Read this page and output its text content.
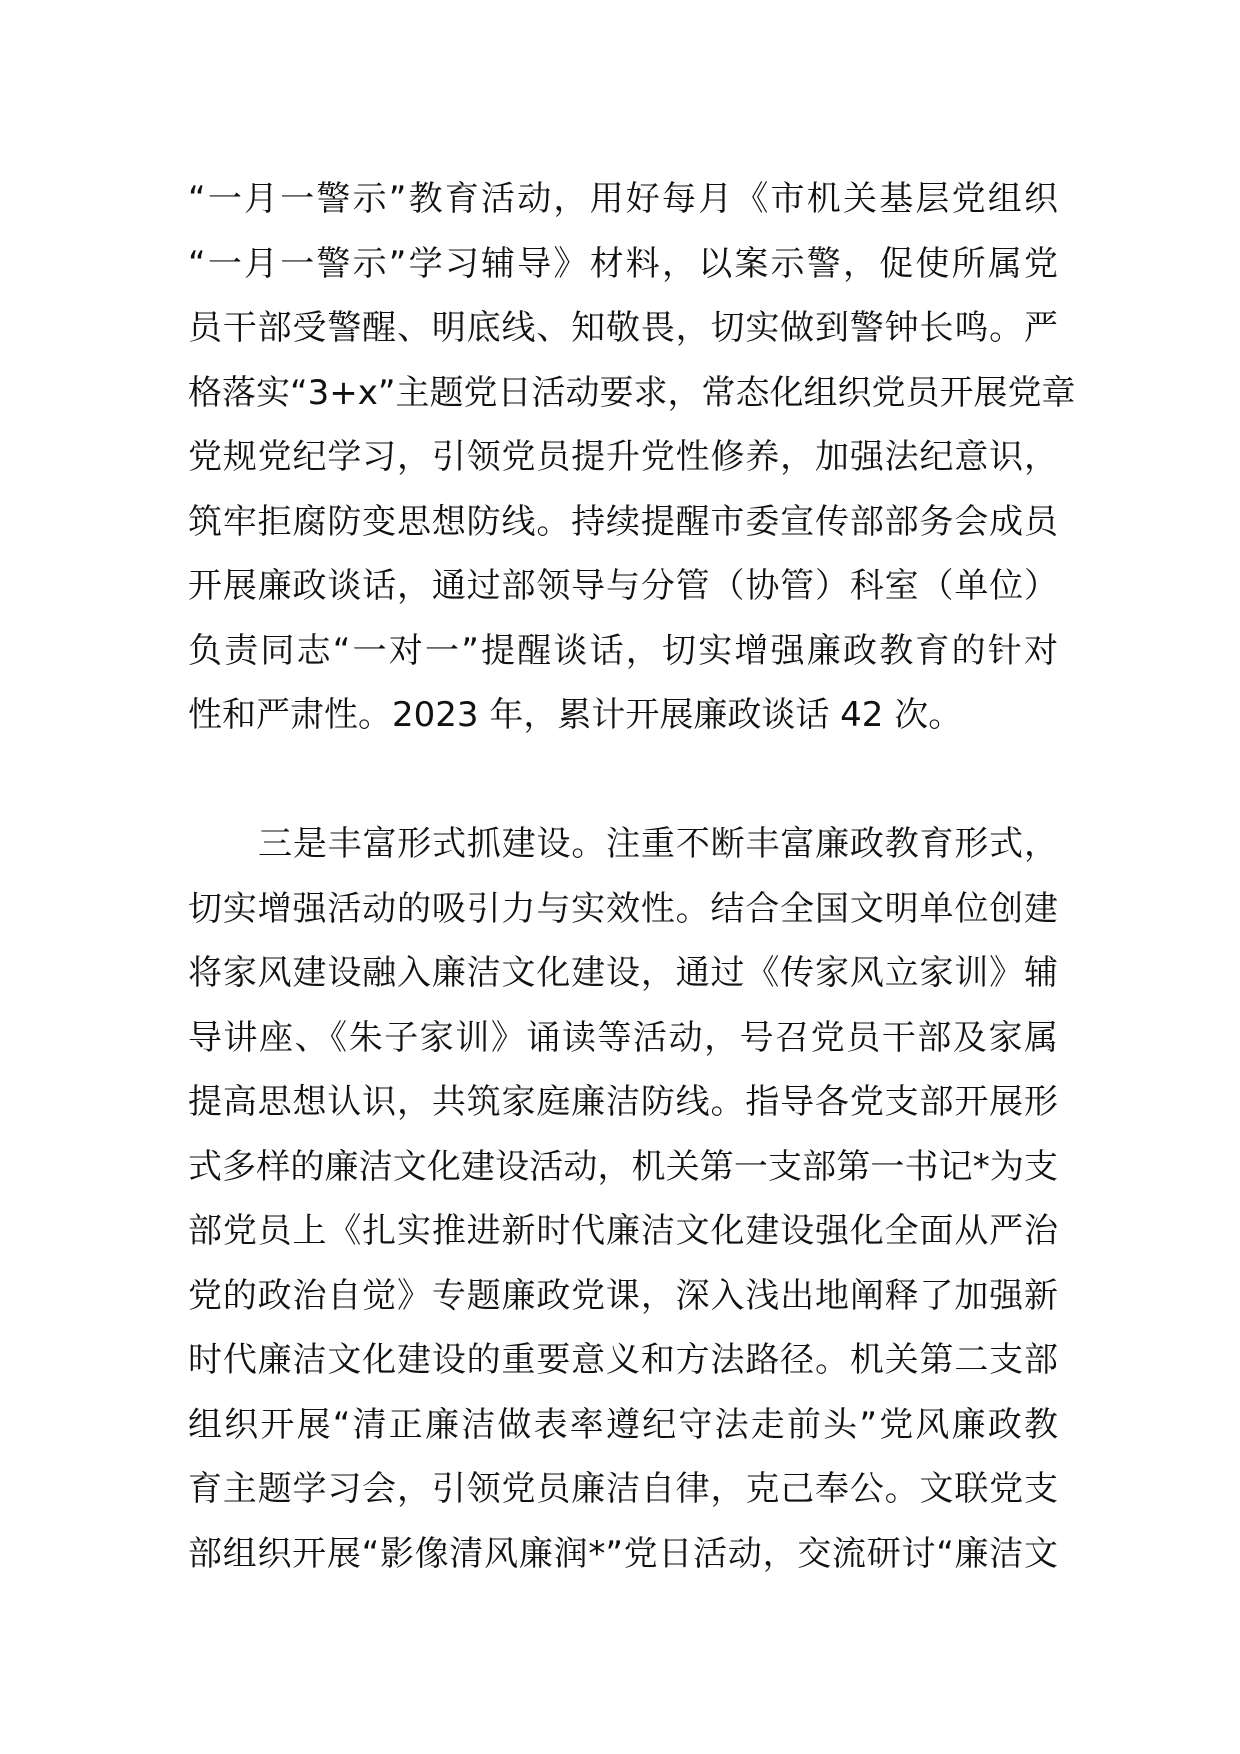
“一月一警示”教育活动，用好每月《市机关基层党组织
“一月一警示”学习辅导》材料，以案示警，促使所属党
员干部受警醒、明底线、知敬畏，切实做到警钟长鸣。严
格落实“3+x”主题党日活动要求，常态化组织党员开展党章
党规党纪学习，引领党员提升党性修养，加强法纪意识，
筑牢拒腐防变思想防线。持续提醒市委宣传部部务会成员
开展廉政谈话，通过部领导与分管（协管）科室（单位）
负责同志“一对一”提醒谈话，切实增强廉政教育的针对
性和严肃性。2023 年，累计开展廉政谈话 42 次。
三是丰富形式抓建设。注重不断丰富廉政教育形式，
切实增强活动的吸引力与实效性。结合全国文明单位创建
将家风建设融入廉洁文化建设，通过《传家风立家训》辅
导讲座、《朱子家训》诵读等活动，号召党员干部及家属
提高思想认识，共筑家庭廉洁防线。指导各党支部开展形
式多样的廉洁文化建设活动，机关第一支部第一书记*为支
部党员上《扎实推进新时代廉洁文化建设强化全面从严治
党的政治自觉》专题廉政党课，深入浅出地阐释了加强新
时代廉洁文化建设的重要意义和方法路径。机关第二支部
组织开展“清正廉洁做表率遵纪守法走前头”党风廉政教
育主题学习会，引领党员廉洁自律，克己奉公。文联党支
部组织开展“影像清风廉润*”党日活动，交流研讨“廉洁文
